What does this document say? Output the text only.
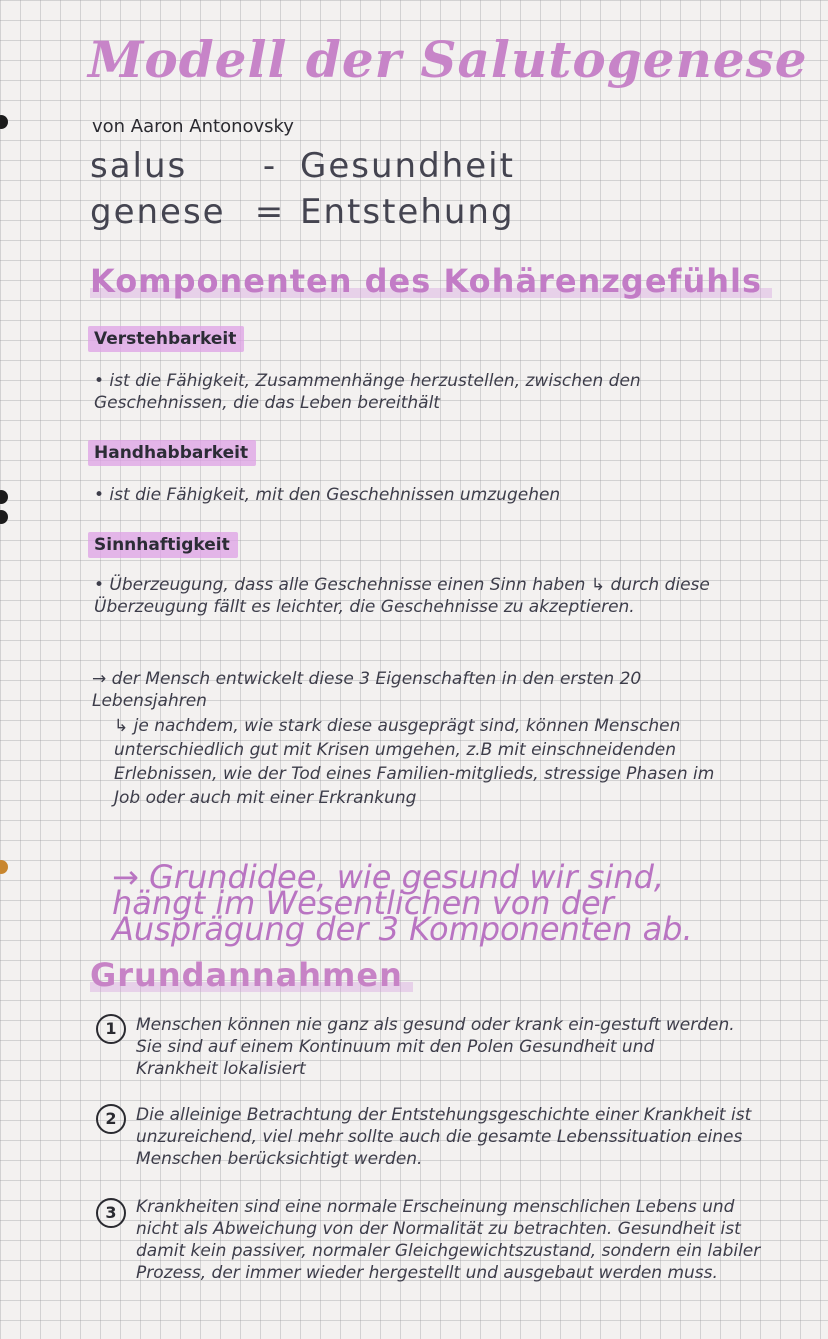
Modell der Salutogenese

von Aaron Antonovsky

salus - Gesundheit
genese = Entstehung
Komponenten des Kohärenzgefühls
Verstehbarkeit

• ist die Fähigkeit, Zusammenhänge herzustellen, zwischen den Geschehnissen, die das Leben bereithält

Handhabbarkeit

• ist die Fähigkeit, mit den Geschehnissen umzugehen

Sinnhaftigkeit

• Überzeugung, dass alle Geschehnisse einen Sinn haben ↳ durch diese Überzeugung fällt es leichter, die Geschehnisse zu akzeptieren.

→ der Mensch entwickelt diese 3 Eigenschaften in den ersten 20 Lebensjahren

↳ je nachdem, wie stark diese ausgeprägt sind, können Menschen unterschiedlich gut mit Krisen umgehen, z.B mit einschneidenden Erlebnissen, wie der Tod eines Familien-mitglieds, stressige Phasen im Job oder auch mit einer Erkrankung

→ Grundidee, wie gesund wir sind, hängt im Wesentlichen von der Ausprägung der 3 Komponenten ab.

Grundannahmen
1	Menschen können nie ganz als gesund oder krank ein-gestuft werden. Sie sind auf einem Kontinuum mit den Polen Gesundheit und Krankheit lokalisiert

2	Die alleinige Betrachtung der Entstehungsgeschichte einer Krankheit ist unzureichend, viel mehr sollte auch die gesamte Lebenssituation eines Menschen berücksichtigt werden.

3	Krankheiten sind eine normale Erscheinung menschlichen Lebens und nicht als Abweichung von der Normalität zu betrachten. Gesundheit ist damit kein passiver, normaler Gleichgewichtszustand, sondern ein labiler Prozess, der immer wieder hergestellt und ausgebaut werden muss.
